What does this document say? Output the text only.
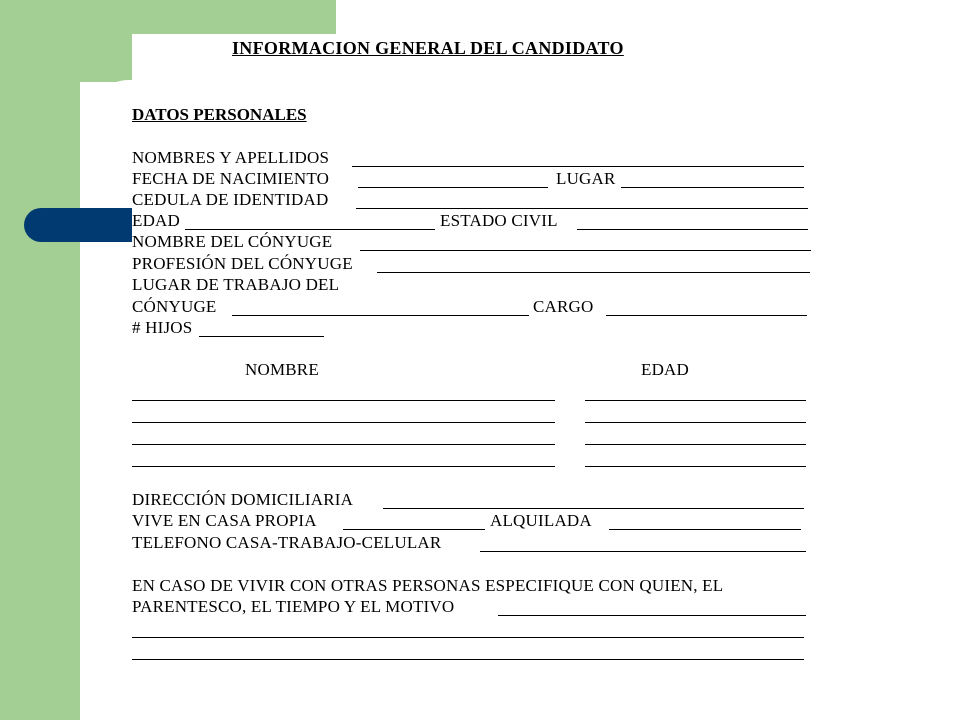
INFORMACION GENERAL DEL CANDIDATO
DATOS PERSONALES
NOMBRES Y APELLIDOS
FECHA DE NACIMIENTO	LUGAR
CEDULA DE IDENTIDAD
EDAD	ESTADO CIVIL
NOMBRE DEL CÓNYUGE
PROFESIÓN DEL CÓNYUGE
LUGAR DE TRABAJO DEL
CÓNYUGE	CARGO
# HIJOS
NOMBRE	EDAD
DIRECCIÓN DOMICILIARIA
VIVE EN CASA PROPIA	ALQUILADA
TELEFONO CASA-TRABAJO-CELULAR
EN CASO DE VIVIR CON OTRAS PERSONAS ESPECIFIQUE CON QUIEN, EL
PARENTESCO, EL TIEMPO Y EL MOTIVO
